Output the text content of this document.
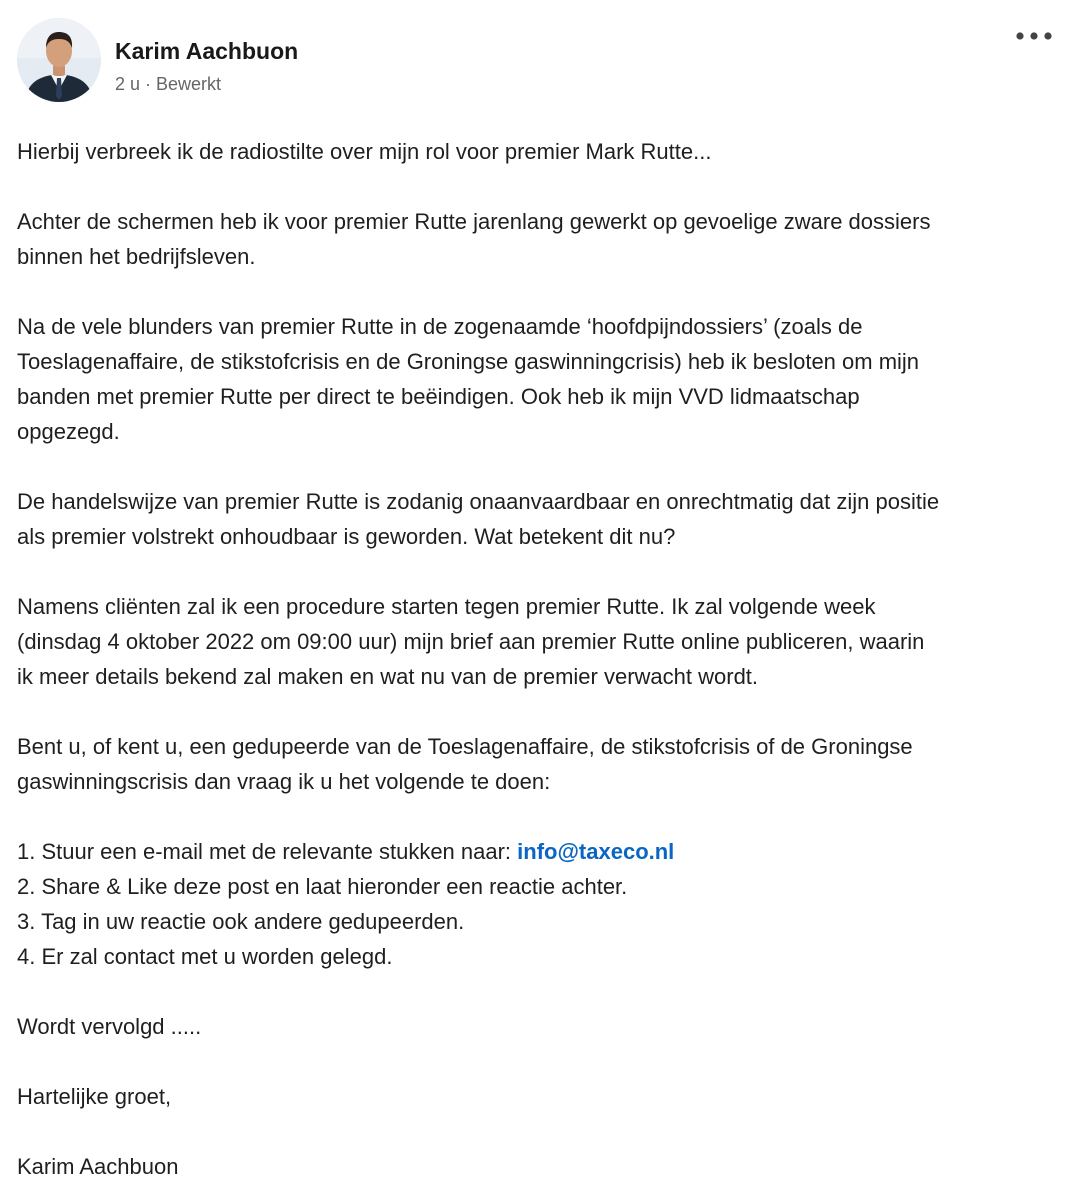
Karim Aachbuon
2 u · Bewerkt

Hierbij verbreek ik de radiostilte over mijn rol voor premier Mark Rutte...

Achter de schermen heb ik voor premier Rutte jarenlang gewerkt op gevoelige zware dossiers
binnen het bedrijfsleven.

Na de vele blunders van premier Rutte in de zogenaamde ‘hoofdpijndossiers’ (zoals de
Toeslagenaffaire, de stikstofcrisis en de Groningse gaswinningcrisis) heb ik besloten om mijn
banden met premier Rutte per direct te beëindigen. Ook heb ik mijn VVD lidmaatschap
opgezegd.

De handelswijze van premier Rutte is zodanig onaanvaardbaar en onrechtmatig dat zijn positie
als premier volstrekt onhoudbaar is geworden. Wat betekent dit nu?

Namens cliënten zal ik een procedure starten tegen premier Rutte. Ik zal volgende week
(dinsdag 4 oktober 2022 om 09:00 uur) mijn brief aan premier Rutte online publiceren, waarin
ik meer details bekend zal maken en wat nu van de premier verwacht wordt.

Bent u, of kent u, een gedupeerde van de Toeslagenaffaire, de stikstofcrisis of de Groningse
gaswinningscrisis dan vraag ik u het volgende te doen:

1. Stuur een e-mail met de relevante stukken naar: info@taxeco.nl
2. Share & Like deze post en laat hieronder een reactie achter.
3. Tag in uw reactie ook andere gedupeerden.
4. Er zal contact met u worden gelegd.

Wordt vervolgd .....

Hartelijke groet,

Karim Aachbuon
